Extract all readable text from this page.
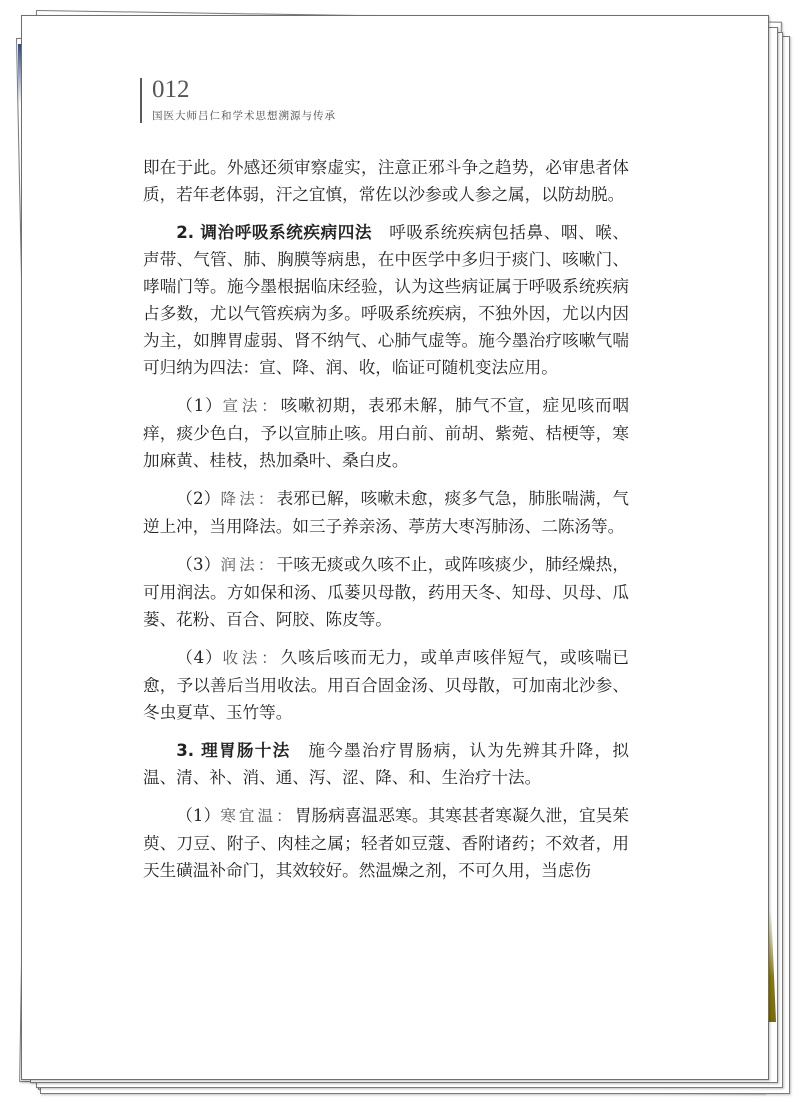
012
国医大师吕仁和学术思想溯源与传承

即在于此。外感还须审察虚实，注意正邪斗争之趋势，必审患者体质，若年老体弱，汗之宜慎，常佐以沙参或人参之属，以防劫脱。

2. 调治呼吸系统疾病四法　 呼吸系统疾病包括鼻、咽、喉、声带、气管、肺、胸膜等病患，在中医学中多归于痰门、咳嗽门、哮喘门等。施今墨根据临床经验，认为这些病证属于呼吸系统疾病占多数，尤以气管疾病为多。呼吸系统疾病，不独外因，尤以内因为主，如脾胃虚弱、肾不纳气、心肺气虚等。施今墨治疗咳嗽气喘可归纳为四法：宣、降、润、收，临证可随机变法应用。

（1）宣法：咳嗽初期，表邪未解，肺气不宣，症见咳而咽痒，痰少色白，予以宣肺止咳。用白前、前胡、紫菀、桔梗等，寒加麻黄、桂枝，热加桑叶、桑白皮。

（2）降法：表邪已解，咳嗽未愈，痰多气急，肺胀喘满，气逆上冲，当用降法。如三子养亲汤、葶苈大枣泻肺汤、二陈汤等。

（3）润法：干咳无痰或久咳不止，或阵咳痰少，肺经燥热，可用润法。方如保和汤、瓜蒌贝母散，药用天冬、知母、贝母、瓜蒌、花粉、百合、阿胶、陈皮等。

（4）收法：久咳后咳而无力，或单声咳伴短气，或咳喘已愈，予以善后当用收法。用百合固金汤、贝母散，可加南北沙参、冬虫夏草、玉竹等。

3. 理胃肠十法　 施今墨治疗胃肠病，认为先辨其升降，拟温、清、补、消、通、泻、涩、降、和、生治疗十法。

（1）寒宜温：胃肠病喜温恶寒。其寒甚者寒凝久泄，宜吴茱萸、刀豆、附子、肉桂之属；轻者如豆蔻、香附诸药；不效者，用天生磺温补命门，其效较好。然温燥之剂，不可久用，当虑伤
